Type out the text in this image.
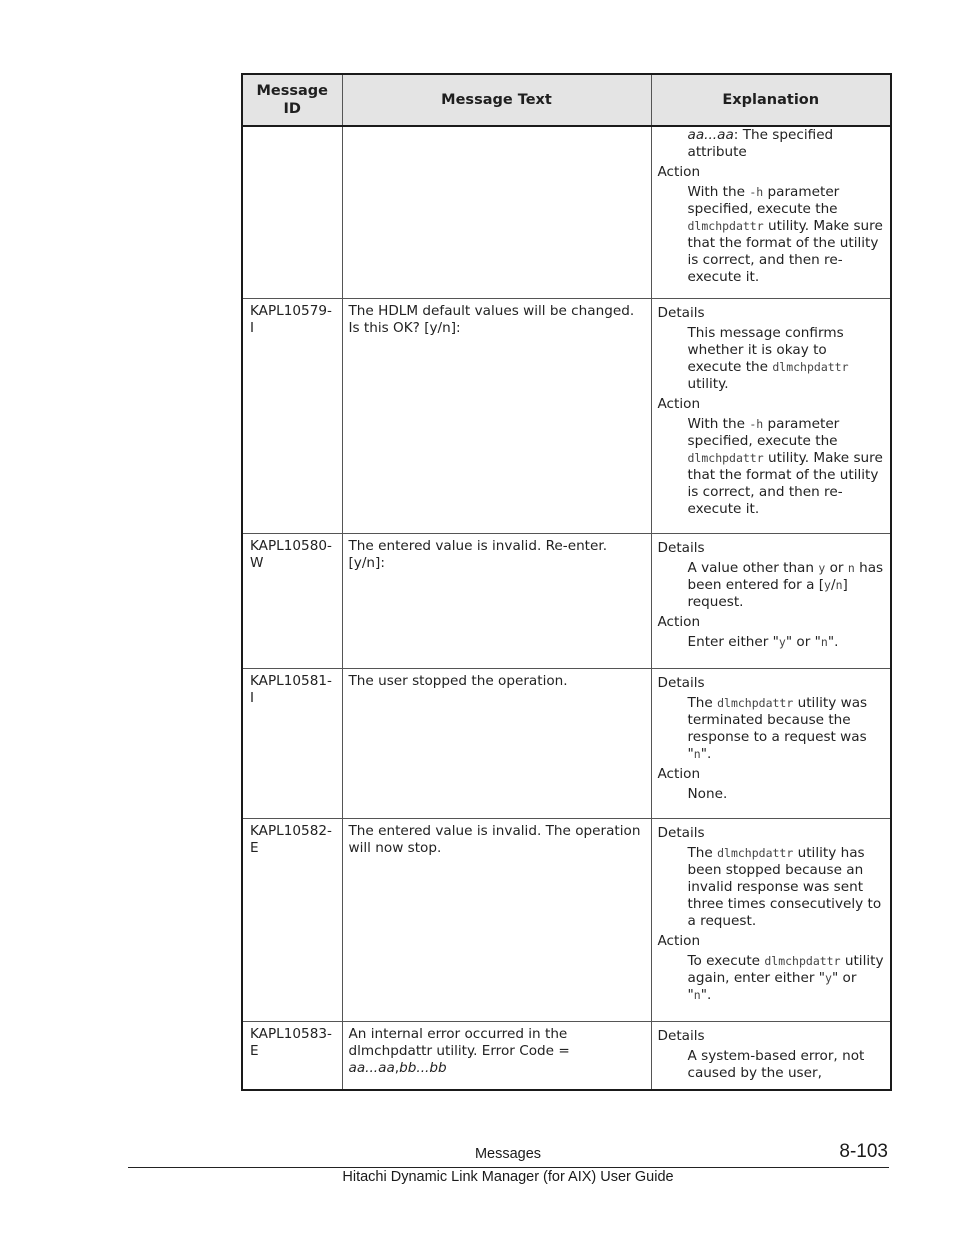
Message ID	Message Text	Explanation

		aa...aa: The specified attribute

Action

With the -h parameter specified, execute the dlmchpdattr utility. Make sure that the format of the utility is correct, and then re-execute it.

KAPL10579-I	The HDLM default values will be changed. Is this OK? [y/n]:	Details

This message confirms whether it is okay to execute the dlmchpdattr utility.

Action

With the -h parameter specified, execute the dlmchpdattr utility. Make sure that the format of the utility is correct, and then re-execute it.

KAPL10580-W	The entered value is invalid. Re-enter. [y/n]:	Details

A value other than y or n has been entered for a [y/n] request.

Action

Enter either "y" or "n".

KAPL10581-I	The user stopped the operation.	Details

The dlmchpdattr utility was terminated because the response to a request was "n".

Action

None.

KAPL10582-E	The entered value is invalid. The operation will now stop.	Details

The dlmchpdattr utility has been stopped because an invalid response was sent three times consecutively to a request.

Action

To execute dlmchpdattr utility again, enter either "y" or "n".

KAPL10583-E	An internal error occurred in the dlmchpdattr utility. Error Code = aa...aa,bb...bb	Details

A system-based error, not caused by the user,

Messages	8-103
Hitachi Dynamic Link Manager (for AIX) User Guide
